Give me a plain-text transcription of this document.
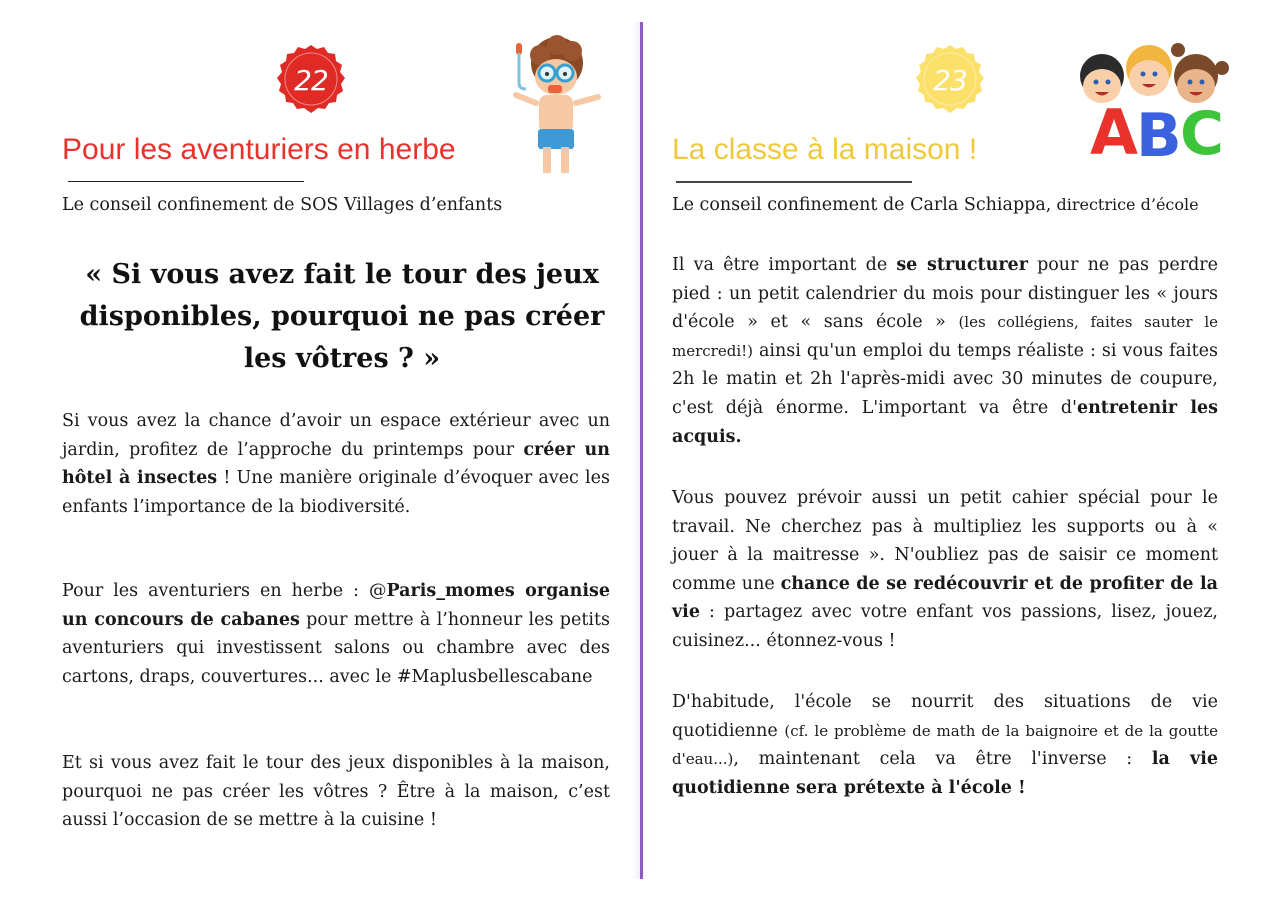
22
Pour les aventuriers en herbe
Le conseil confinement de SOS Villages d’enfants

« Si vous avez fait le tour des jeux disponibles, pourquoi ne pas créer les vôtres ? »

Si vous avez la chance d’avoir un espace extérieur avec un jardin, profitez de l’approche du printemps pour créer un hôtel à insectes ! Une manière originale d’évoquer avec les enfants l’importance de la biodiversité.

Pour les aventuriers en herbe : @Paris_momes organise un concours de cabanes pour mettre à l’honneur les petits aventuriers qui investissent salons ou chambre avec des cartons, draps, couvertures... avec le #Maplusbellescabane

Et si vous avez fait le tour des jeux disponibles à la maison, pourquoi ne pas créer les vôtres ? Être à la maison, c’est aussi l’occasion de se mettre à la cuisine !

23
A
B
C
La classe à la maison !
Le conseil confinement de Carla Schiappa, directrice d’école

Il va être important de se structurer pour ne pas perdre pied : un petit calendrier du mois pour distinguer les « jours d'école » et « sans école » (les collégiens, faites sauter le mercredi!) ainsi qu'un emploi du temps réaliste : si vous faites 2h le matin et 2h l'après-midi avec 30 minutes de coupure, c'est déjà énorme. L'important va être d'entretenir les acquis.

Vous pouvez prévoir aussi un petit cahier spécial pour le travail. Ne cherchez pas à multipliez les supports ou à « jouer à la maitresse ». N'oubliez pas de saisir ce moment comme une chance de se redécouvrir et de profiter de la vie : partagez avec votre enfant vos passions, lisez, jouez, cuisinez... étonnez-vous !

D'habitude, l'école se nourrit des situations de vie quotidienne (cf. le problème de math de la baignoire et de la goutte d'eau...), maintenant cela va être l'inverse : la vie quotidienne sera prétexte à l'école !
